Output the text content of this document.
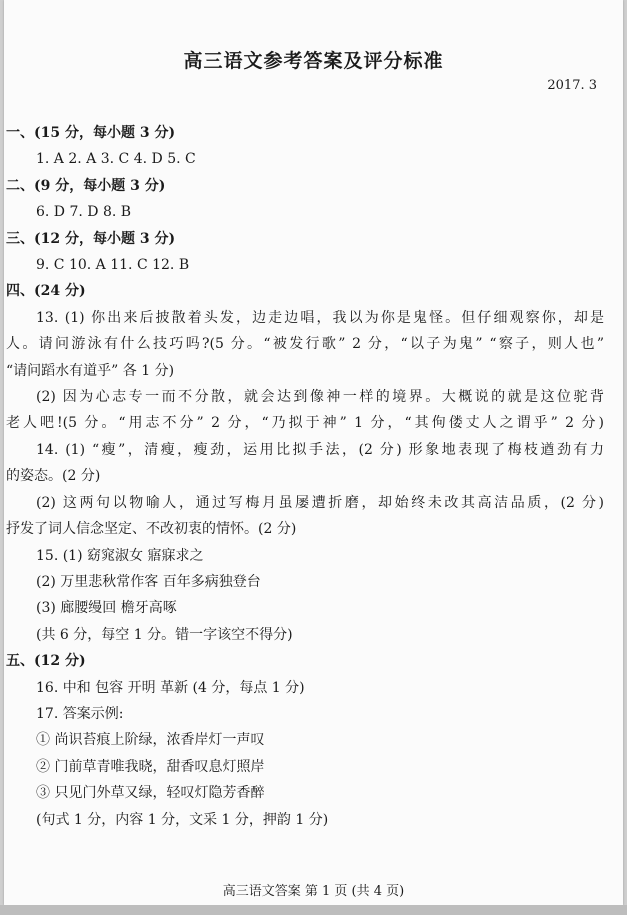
高三语文参考答案及评分标准
2017. 3
一、(15 分，每小题 3 分)
1. A 2. A 3. C 4. D 5. C
二、(9 分，每小题 3 分)
6. D 7. D 8. B
三、(12 分，每小题 3 分)
9. C 10. A 11. C 12. B
四、(24 分)
13. (1) 你出来后披散着头发，边走边唱，我以为你是鬼怪。但仔细观察你，却是
人。请问游泳有什么技巧吗?(5 分。“被发行歌” 2 分，“以子为鬼” “察子，则人也”
“请问蹈水有道乎” 各 1 分)
(2) 因为心志专一而不分散，就会达到像神一样的境界。大概说的就是这位驼背
老人吧!(5 分。“用志不分” 2 分，“乃拟于神” 1 分，“其佝偻丈人之谓乎” 2 分)
14. (1) “瘦”，清瘦，瘦劲，运用比拟手法，(2 分) 形象地表现了梅枝遒劲有力
的姿态。(2 分)
(2) 这两句以物喻人，通过写梅月虽屡遭折磨，却始终未改其高洁品质，(2 分)
抒发了词人信念坚定、不改初衷的情怀。(2 分)
15. (1) 窈窕淑女 寤寐求之
(2) 万里悲秋常作客 百年多病独登台
(3) 廊腰缦回 檐牙高啄
(共 6 分，每空 1 分。错一字该空不得分)
五、(12 分)
16. 中和 包容 开明 革新 (4 分，每点 1 分)
17. 答案示例:
① 尚识苔痕上阶绿，浓香岸灯一声叹
② 门前草青唯我晓，甜香叹息灯照岸
③ 只见门外草又绿，轻叹灯隐芳香醉
(句式 1 分，内容 1 分，文采 1 分，押韵 1 分)
高三语文答案 第 1 页 (共 4 页)
